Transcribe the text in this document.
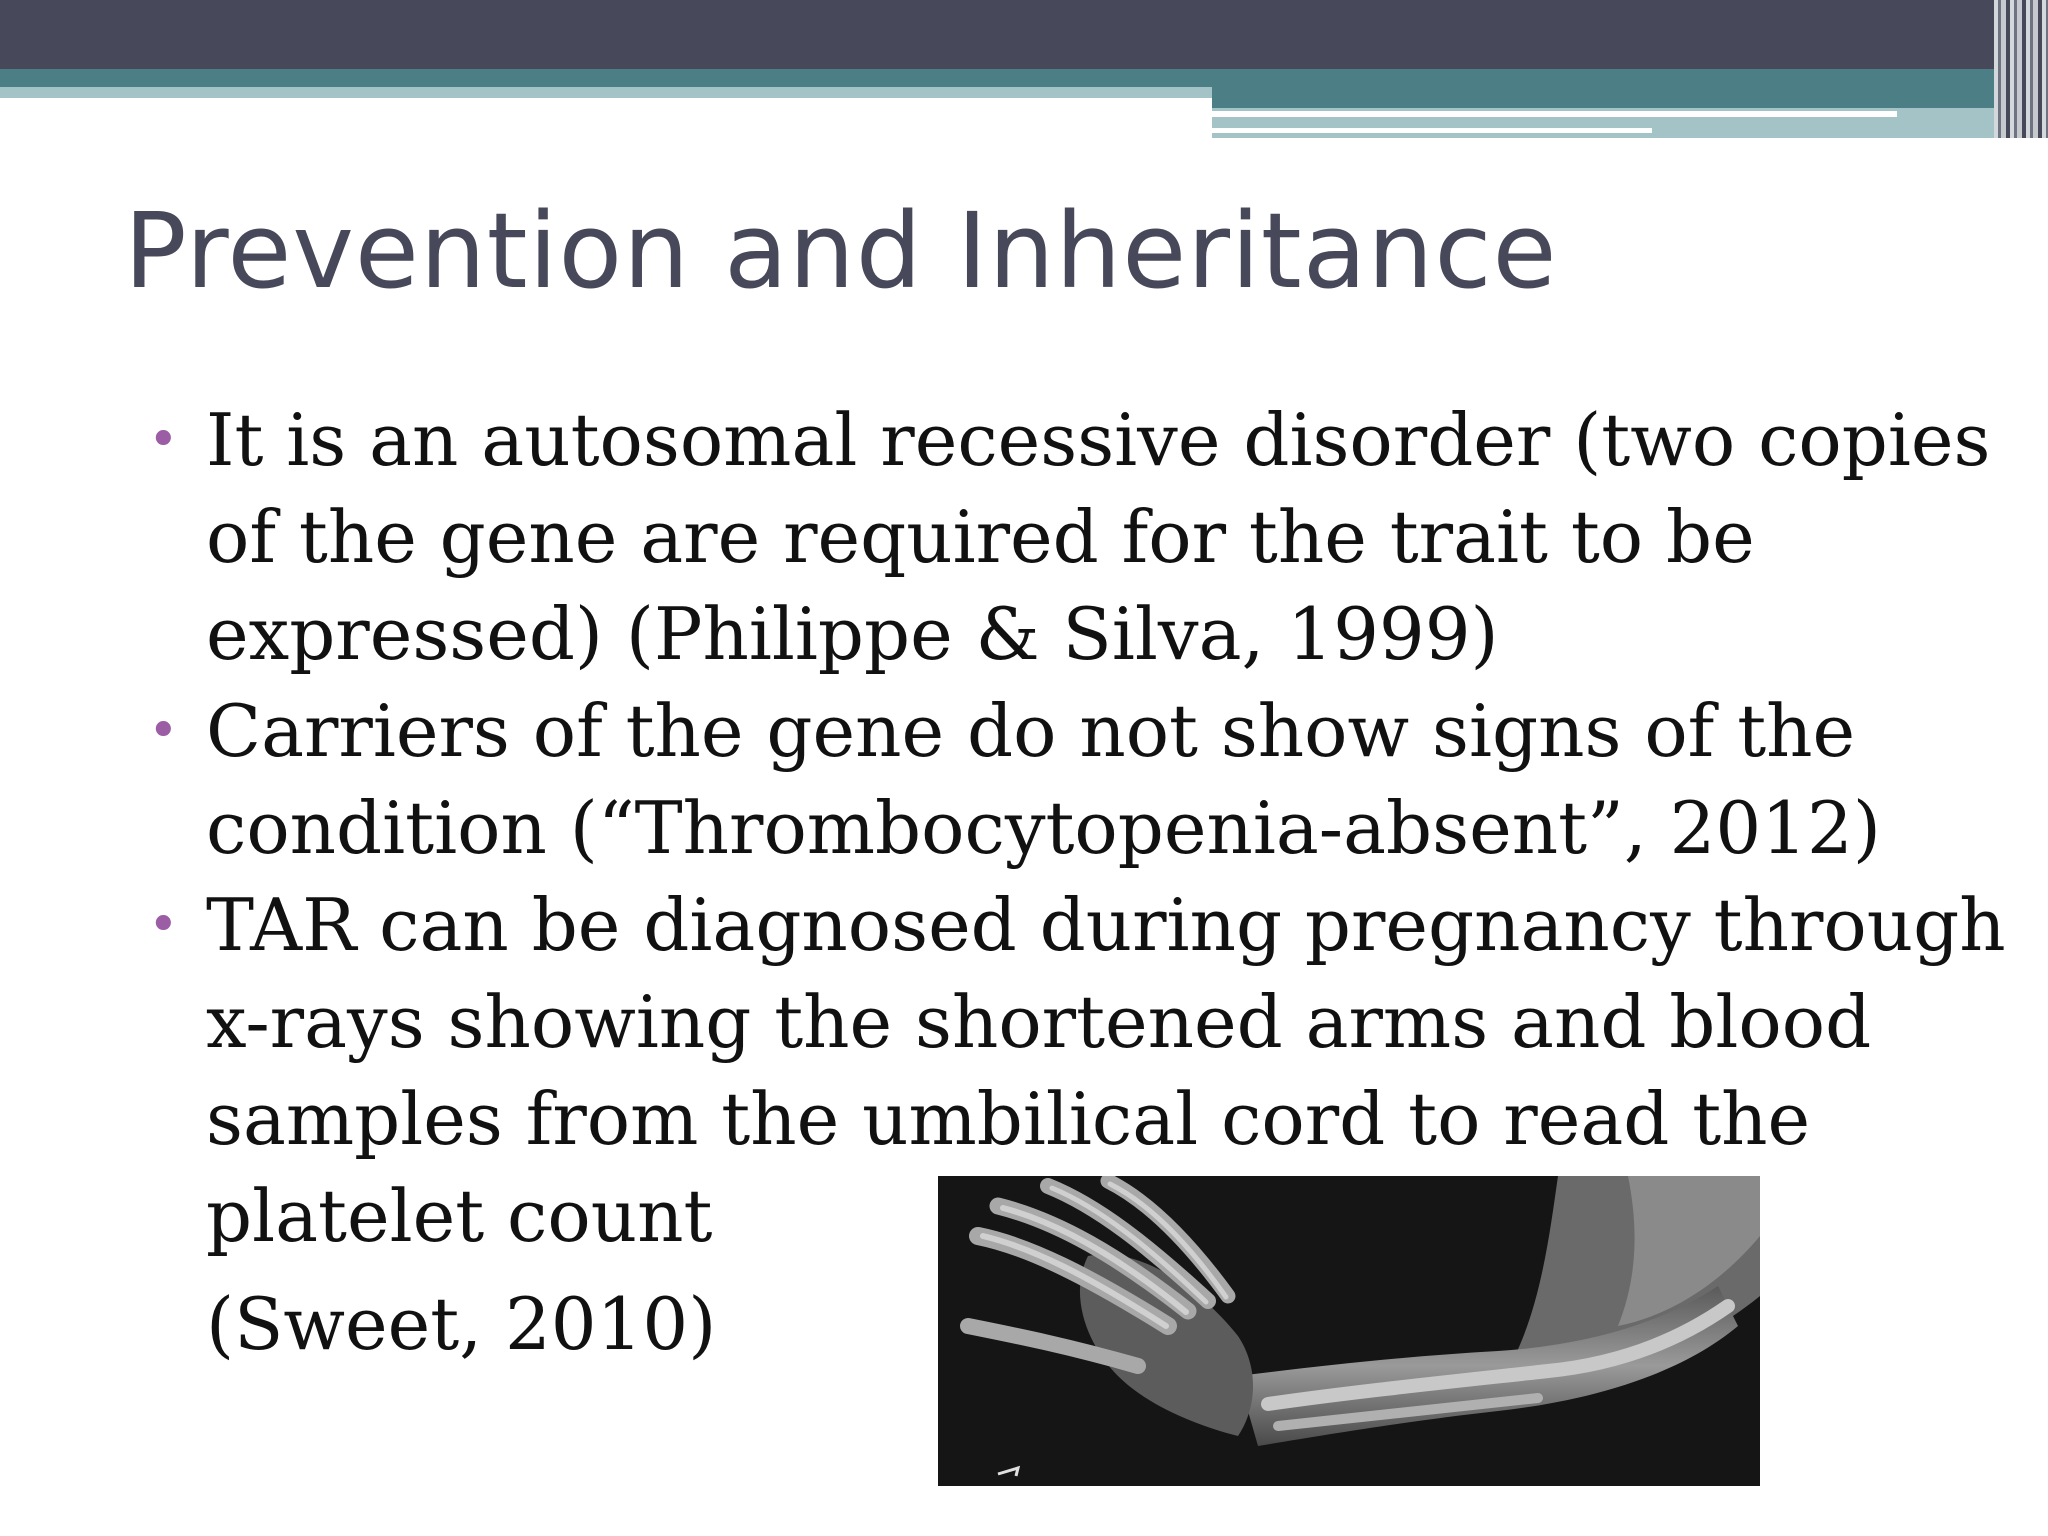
Prevention and Inheritance
• It is an autosomal recessive disorder (two copies of the gene are required for the trait to be expressed) (Philippe & Silva, 1999)
• Carriers of the gene do not show signs of the condition (“Thrombocytopenia-absent”, 2012)
• TAR can be diagnosed during pregnancy through x-rays showing the shortened arms and blood samples from the umbilical cord to read the platelet count
(Sweet, 2010)
